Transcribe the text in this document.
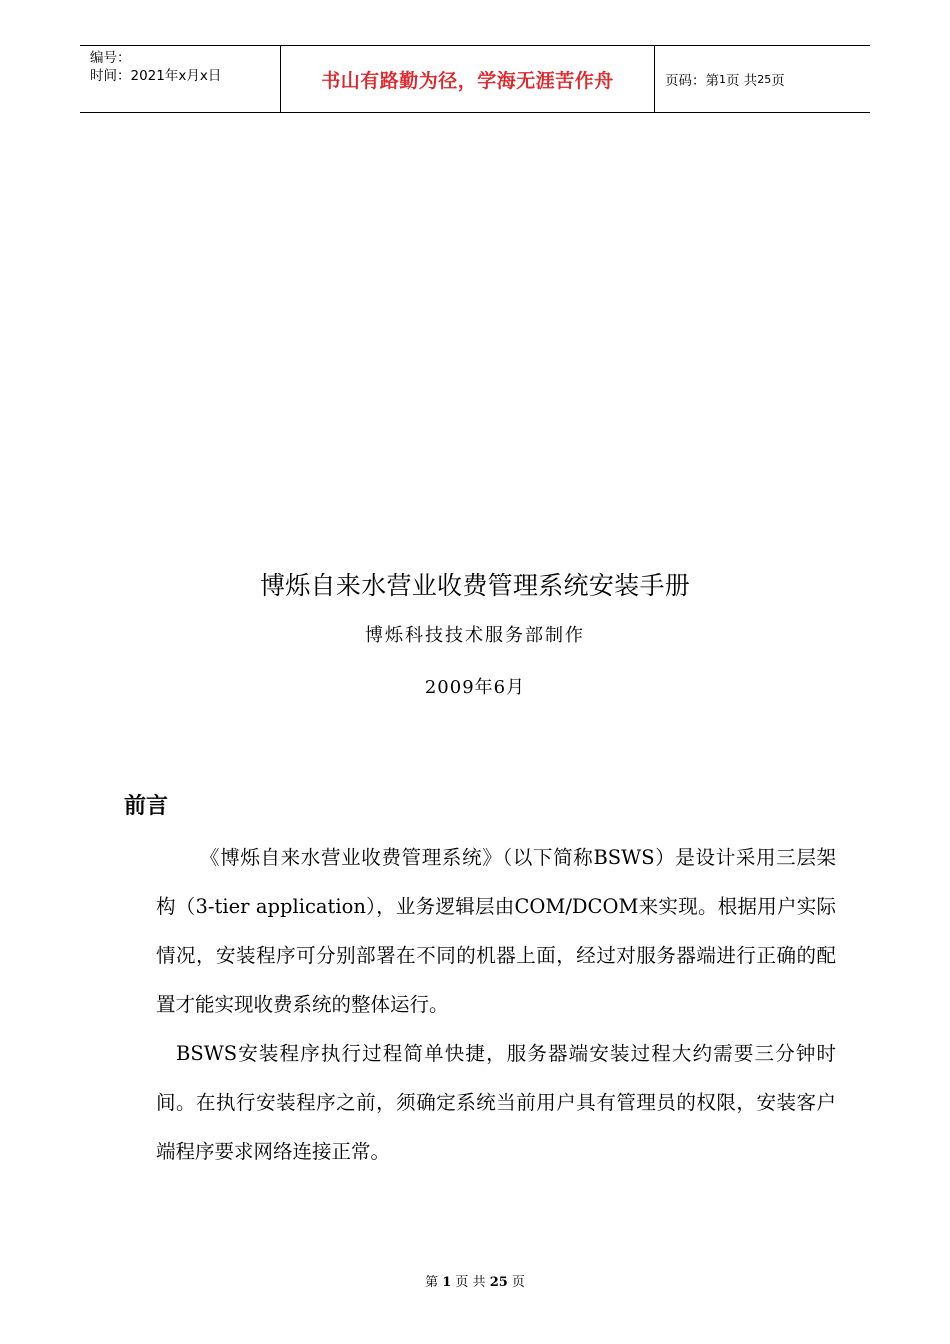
编号：
时间：2021年x月x日	书山有路勤为径，学海无涯苦作舟	页码：第 1 页 共 25 页
博烁自来水营业收费管理系统安装手册
博烁科技技术服务部制作
2009年6月
前言
《博烁自来水营业收费管理系统》（以下简称BSWS）是设计采用三层架构（3-tier application），业务逻辑层由COM/DCOM来实现。根据用户实际情况，安装程序可分别部署在不同的机器上面，经过对服务器端进行正确的配置才能实现收费系统的整体运行。
BSWS安装程序执行过程简单快捷，服务器端安装过程大约需要三分钟时间。在执行安装程序之前，须确定系统当前用户具有管理员的权限，安装客户端程序要求网络连接正常。
第 1 页 共 25 页
